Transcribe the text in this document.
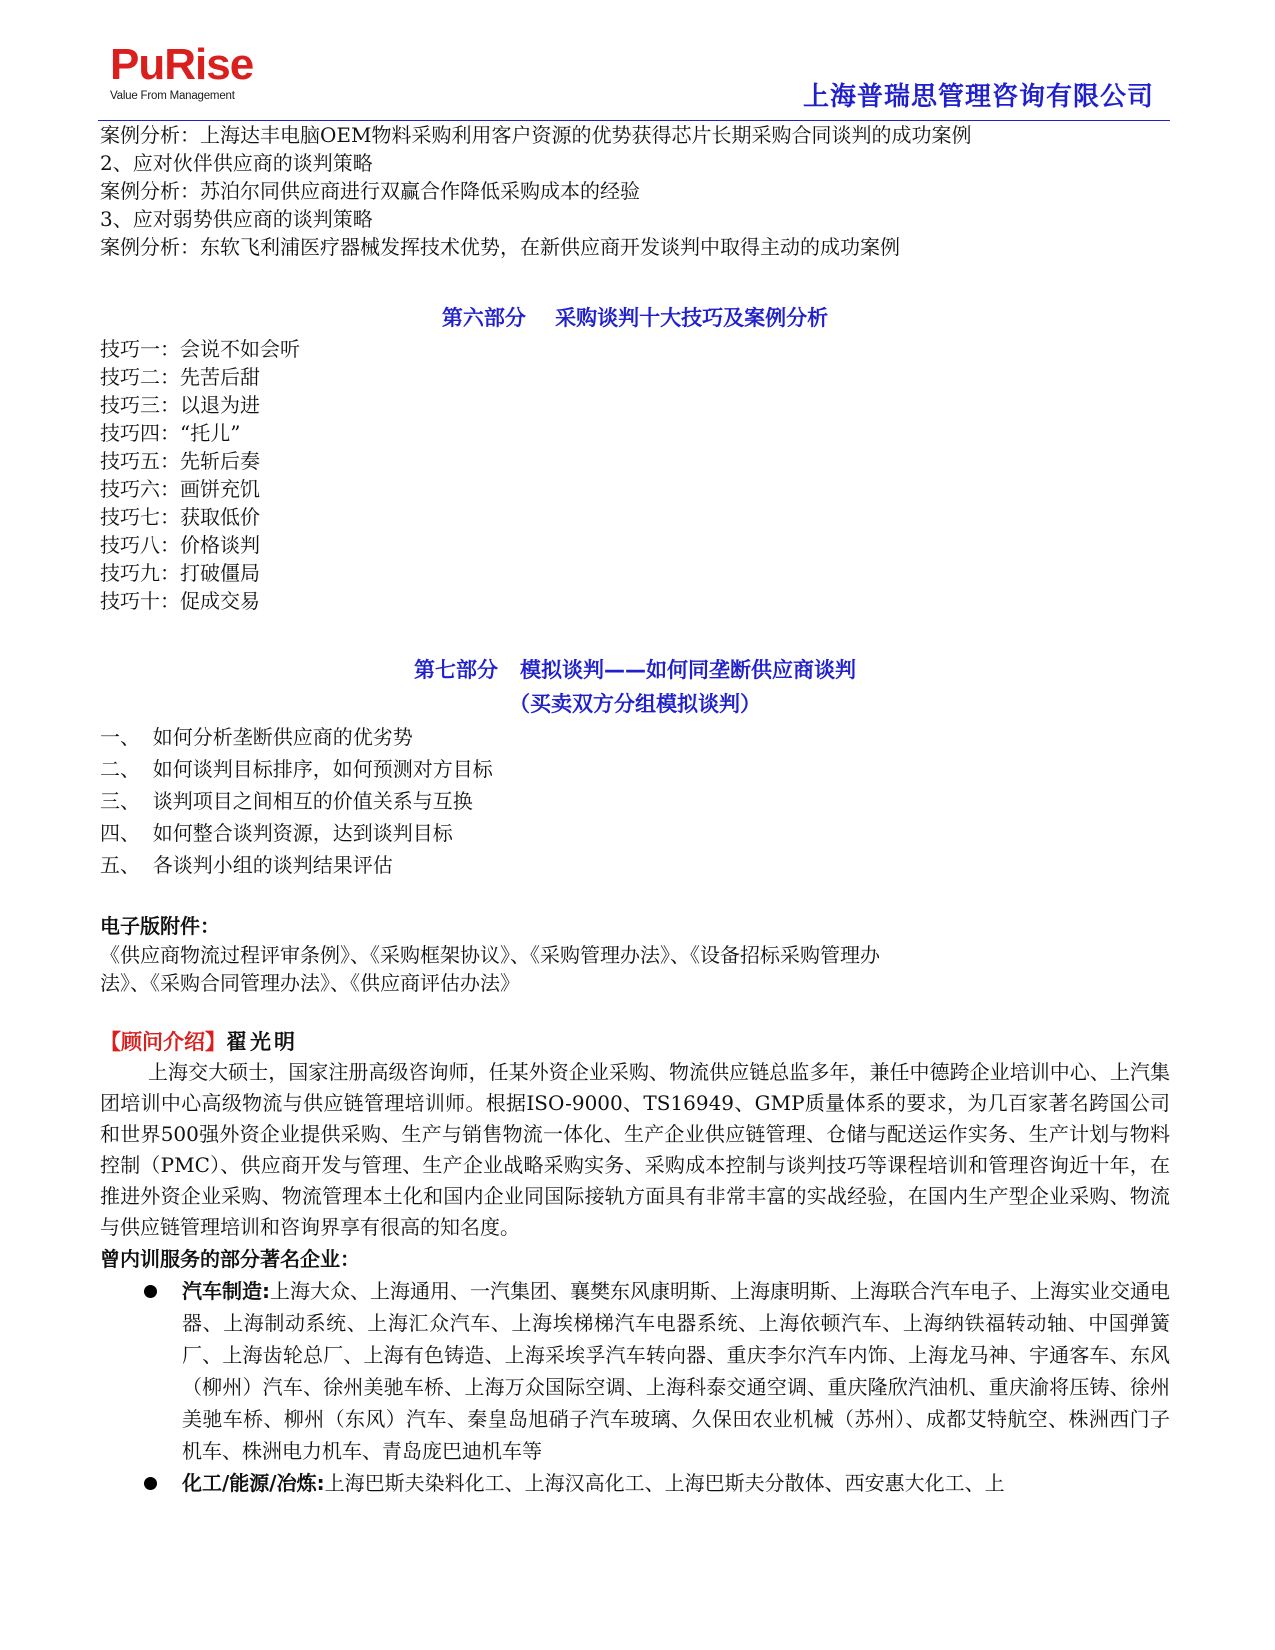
PuRise
Value From Management	上海普瑞思管理咨询有限公司
案例分析：上海达丰电脑OEM物料采购利用客户资源的优势获得芯片长期采购合同谈判的成功案例
2、应对伙伴供应商的谈判策略
案例分析：苏泊尔同供应商进行双赢合作降低采购成本的经验
3、应对弱势供应商的谈判策略
案例分析：东软飞利浦医疗器械发挥技术优势，在新供应商开发谈判中取得主动的成功案例
第六部分    采购谈判十大技巧及案例分析
技巧一：会说不如会听
技巧二：先苦后甜
技巧三：以退为进
技巧四：“托儿”
技巧五：先斩后奏
技巧六：画饼充饥
技巧七：获取低价
技巧八：价格谈判
技巧九：打破僵局
技巧十：促成交易
第七部分   模拟谈判——如何同垄断供应商谈判
（买卖双方分组模拟谈判）
一、  如何分析垄断供应商的优劣势
二、  如何谈判目标排序，如何预测对方目标
三、  谈判项目之间相互的价值关系与互换
四、  如何整合谈判资源，达到谈判目标
五、  各谈判小组的谈判结果评估
电子版附件：
《供应商物流过程评审条例》、《采购框架协议》、《采购管理办法》、《设备招标采购管理办
法》、《采购合同管理办法》、《供应商评估办法》
【顾问介绍】翟光明
上海交大硕士，国家注册高级咨询师，任某外资企业采购、物流供应链总监多年，兼任中德跨企业培训中心、上汽集团培训中心高级物流与供应链管理培训师。根据ISO-9000、TS16949、GMP质量体系的要求，为几百家著名跨国公司和世界500强外资企业提供采购、生产与销售物流一体化、生产企业供应链管理、仓储与配送运作实务、生产计划与物料控制（PMC）、供应商开发与管理、生产企业战略采购实务、采购成本控制与谈判技巧等课程培训和管理咨询近十年，在推进外资企业采购、物流管理本土化和国内企业同国际接轨方面具有非常丰富的实战经验，在国内生产型企业采购、物流与供应链管理培训和咨询界享有很高的知名度。
曾内训服务的部分著名企业：
汽车制造:上海大众、上海通用、一汽集团、襄樊东风康明斯、上海康明斯、上海联合汽车电子、上海实业交通电器、上海制动系统、上海汇众汽车、上海埃梯梯汽车电器系统、上海依顿汽车、上海纳铁福转动轴、中国弹簧厂、上海齿轮总厂、上海有色铸造、上海采埃孚汽车转向器、重庆李尔汽车内饰、上海龙马神、宇通客车、东风（柳州）汽车、徐州美驰车桥、上海万众国际空调、上海科泰交通空调、重庆隆欣汽油机、重庆渝将压铸、徐州美驰车桥、柳州（东风）汽车、秦皇岛旭硝子汽车玻璃、久保田农业机械（苏州）、成都艾特航空、株洲西门子机车、株洲电力机车、青岛庞巴迪机车等
化工/能源/冶炼:上海巴斯夫染料化工、上海汉高化工、上海巴斯夫分散体、西安惠大化工、上
